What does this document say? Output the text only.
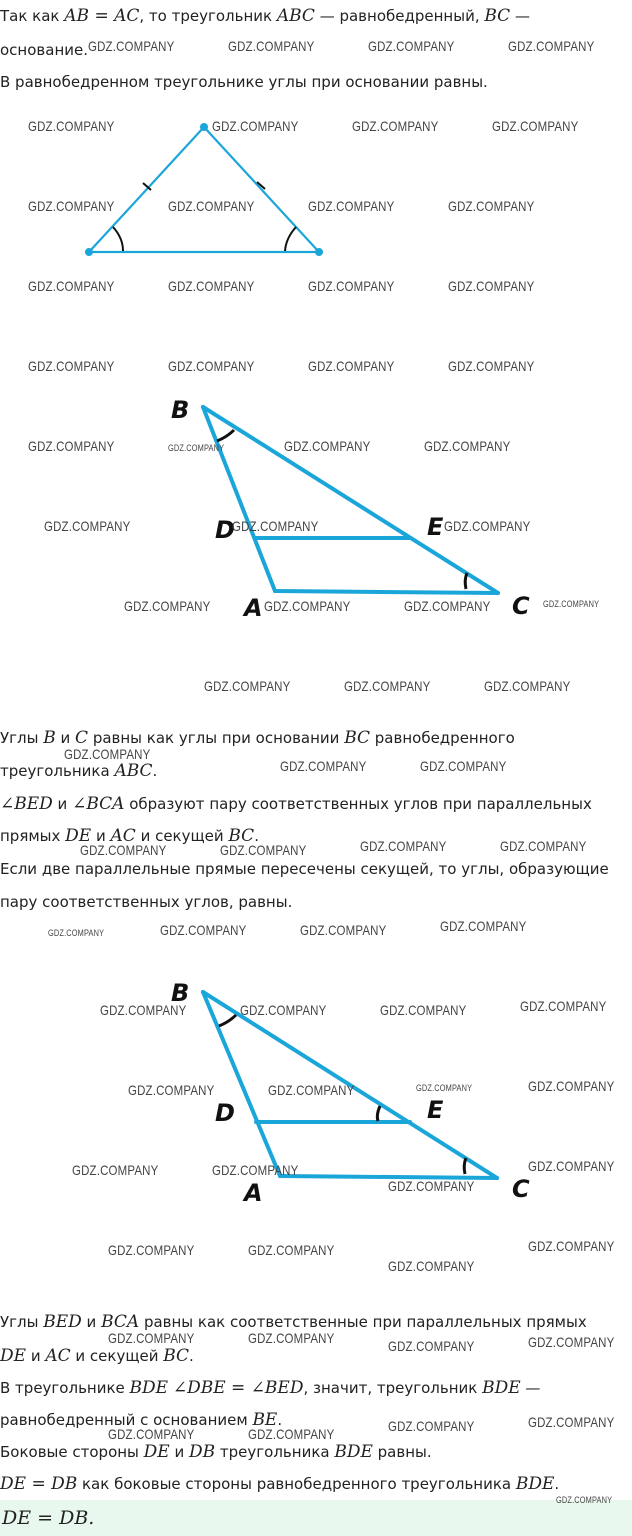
Так как AB = AC, то треугольник ABC — равнобедренный, BC —
основание.
В равнобедренном треугольнике углы при основании равны.
B
D	E
A	C
Углы B и C равны как углы при основании BC равнобедренного
треугольника ABC.
∠BED и ∠BCA образуют пару соответственных углов при параллельных
прямых DE и AC и секущей BC.
Если две параллельные прямые пересечены секущей, то углы, образующие
пару соответственных углов, равны.
B
D	E
A	C
Углы BED и BCA равны как соответственные при параллельных прямых
DE и AC и секущей BC.
В треугольнике BDE ∠DBE = ∠BED, значит, треугольник BDE —
равнобедренный с основанием BE.
Боковые стороны DE и DB треугольника BDE равны.
DE = DB как боковые стороны равнобедренного треугольника BDE.
DE = DB.
GDZ.COMPANY	GDZ.COMPANY	GDZ.COMPANY	GDZ.COMPANY
GDZ.COMPANY	GDZ.COMPANY	GDZ.COMPANY	GDZ.COMPANY
GDZ.COMPANY	GDZ.COMPANY	GDZ.COMPANY	GDZ.COMPANY
GDZ.COMPANY	GDZ.COMPANY	GDZ.COMPANY	GDZ.COMPANY
GDZ.COMPANY	GDZ.COMPANY	GDZ.COMPANY	GDZ.COMPANY
GDZ.COMPANY	GDZ.COMPANY	GDZ.COMPANY
GDZ.COMPANY	GDZ.COMPANY	GDZ.COMPANY
GDZ.COMPANY	GDZ.COMPANY	GDZ.COMPANY
GDZ.COMPANY	GDZ.COMPANY	GDZ.COMPANY
GDZ.COMPANY
GDZ.COMPANY	GDZ.COMPANY
GDZ.COMPANY	GDZ.COMPANY	GDZ.COMPANY	GDZ.COMPANY
GDZ.COMPANY	GDZ.COMPANY	GDZ.COMPANY
GDZ.COMPANY	GDZ.COMPANY	GDZ.COMPANY	GDZ.COMPANY
GDZ.COMPANY	GDZ.COMPANY	GDZ.COMPANY
GDZ.COMPANY	GDZ.COMPANY
GDZ.COMPANY
GDZ.COMPANY
GDZ.COMPANY	GDZ.COMPANY
GDZ.COMPANY
GDZ.COMPANY
GDZ.COMPANY	GDZ.COMPANY	GDZ.COMPANY	GDZ.COMPANY
GDZ.COMPANY	GDZ.COMPANY	GDZ.COMPANY	GDZ.COMPANY
GDZ.COMPANY
GDZ.COMPANY
GDZ.COMPANY
GDZ.COMPANY
GDZ.COMPANY
